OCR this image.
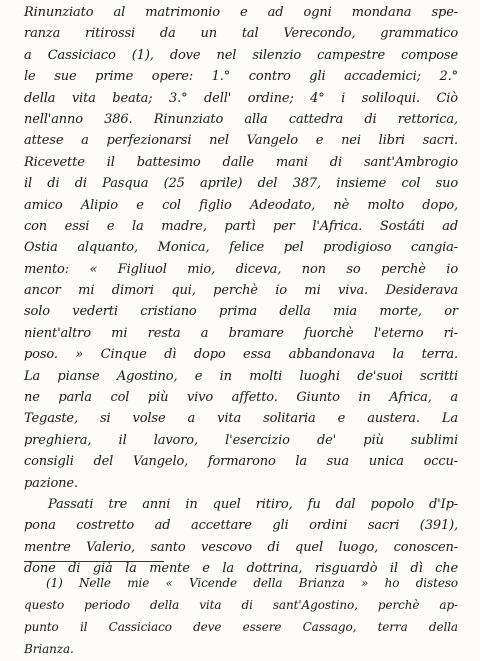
Rinunziato al matrimonio e ad ogni mondana spe-
ranza ritirossi da un tal Verecondo, grammatico
a Cassiciaco (1), dove nel silenzio campestre compose
le sue prime opere: 1.° contro gli accademici; 2.°
della vita beata; 3.° dell' ordine; 4° i soliloqui. Ciò
nell'anno 386. Rinunziato alla cattedra di rettorica,
attese a perfezionarsi nel Vangelo e nei libri sacri.
Ricevette il battesimo dalle mani di sant'Ambrogio
il di di Pasqua (25 aprile) del 387, insieme col suo
amico Alipio e col figlio Adeodato, nè molto dopo,
con essi e la madre, partì per l'Africa. Sostáti ad
Ostia alquanto, Monica, felice pel prodigioso cangia-
mento: « Figliuol mio, diceva, non so perchè io
ancor mi dimori qui, perchè io mi viva. Desiderava
solo vederti cristiano prima della mia morte, or
nient'altro mi resta a bramare fuorchè l'eterno ri-
poso. » Cinque dì dopo essa abbandonava la terra.
La pianse Agostino, e in molti luoghi de'suoi scritti
ne parla col più vivo affetto. Giunto in Africa, a
Tegaste, si volse a vita solitaria e austera. La
preghiera, il lavoro, l'esercizio de' più sublimi
consigli del Vangelo, formarono la sua unica occu-
pazione.
Passati tre anni in quel ritiro, fu dal popolo d'Ip-
pona costretto ad accettare gli ordini sacri (391),
mentre Valerio, santo vescovo di quel luogo, conoscen-
done di già la mente e la dottrina, risguardò il dì che
(1) Nelle mie « Vicende della Brianza » ho disteso
questo periodo della vita di sant'Agostino, perchè ap-
punto il Cassiciaco deve essere Cassago, terra della
Brianza.
